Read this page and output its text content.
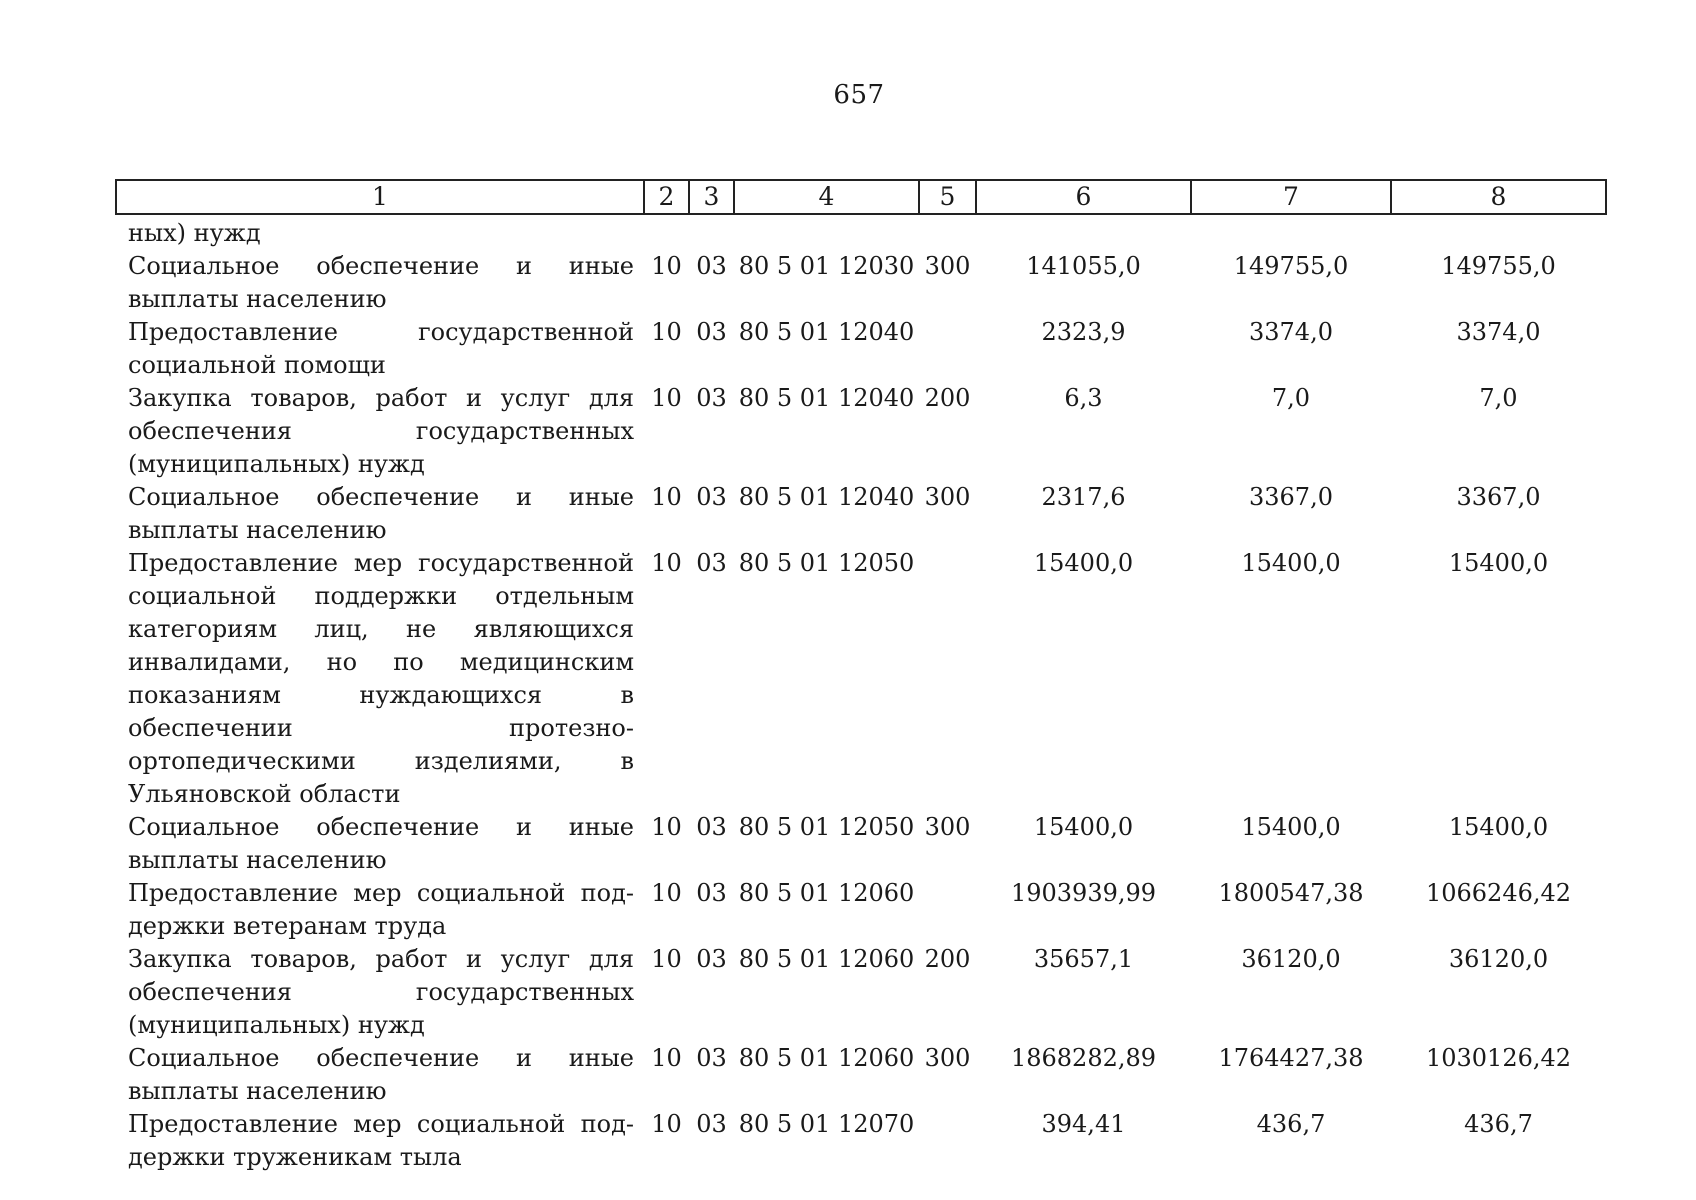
657
1	2	3	4	5	6	7	8
ных) нужд							
Социальное обеспечение и иные выплаты населению	10	03	80 5 01 12030	300	141055,0	149755,0	149755,0
Предоставление государственной социальной помощи	10	03	80 5 01 12040		2323,9	3374,0	3374,0
Закупка товаров, работ и услуг для обеспечения государственных (муниципальных) нужд	10	03	80 5 01 12040	200	6,3	7,0	7,0
Социальное обеспечение и иные выплаты населению	10	03	80 5 01 12040	300	2317,6	3367,0	3367,0
Предоставление мер государственной социальной поддержки отдельным категориям лиц, не являющихся инвалидами, но по медицинским показаниям нуждающихся в обеспечении протезно-ортопедическими изделиями, в Ульяновской области	10	03	80 5 01 12050		15400,0	15400,0	15400,0
Социальное обеспечение и иные выплаты населению	10	03	80 5 01 12050	300	15400,0	15400,0	15400,0
Предоставление мер социальной поддержки ветеранам труда	10	03	80 5 01 12060		1903939,99	1800547,38	1066246,42
Закупка товаров, работ и услуг для обеспечения государственных (муниципальных) нужд	10	03	80 5 01 12060	200	35657,1	36120,0	36120,0
Социальное обеспечение и иные выплаты населению	10	03	80 5 01 12060	300	1868282,89	1764427,38	1030126,42
Предоставление мер социальной поддержки труженикам тыла	10	03	80 5 01 12070		394,41	436,7	436,7
